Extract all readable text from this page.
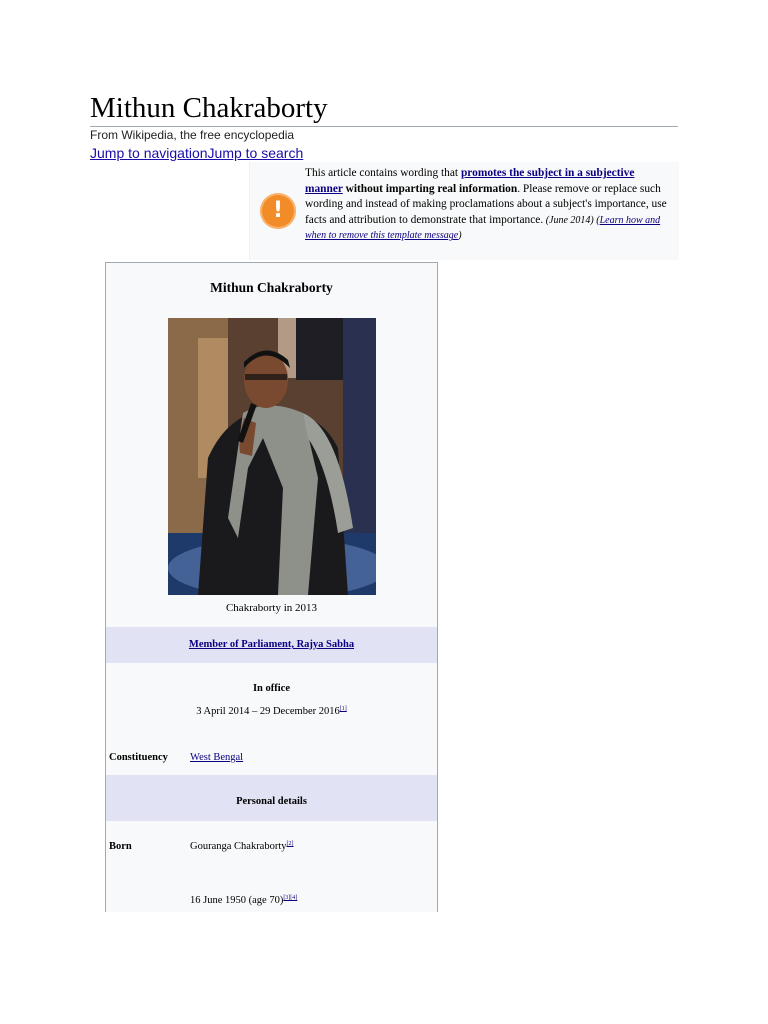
Mithun Chakraborty
From Wikipedia, the free encyclopedia
Jump to navigationJump to search
!
This article contains wording that promotes the subject in a subjective manner without imparting real information. Please remove or replace such wording and instead of making proclamations about a subject's importance, use facts and attribution to demonstrate that importance. (June 2014) (Learn how and when to remove this template message)
Mithun Chakraborty
Chakraborty in 2013
Member of Parliament, Rajya Sabha
In office
3 April 2014 – 29 December 2016[1]
Constituency West Bengal
Personal details
Born	Gouranga Chakraborty[2]
16 June 1950 (age 70)[3][4]
